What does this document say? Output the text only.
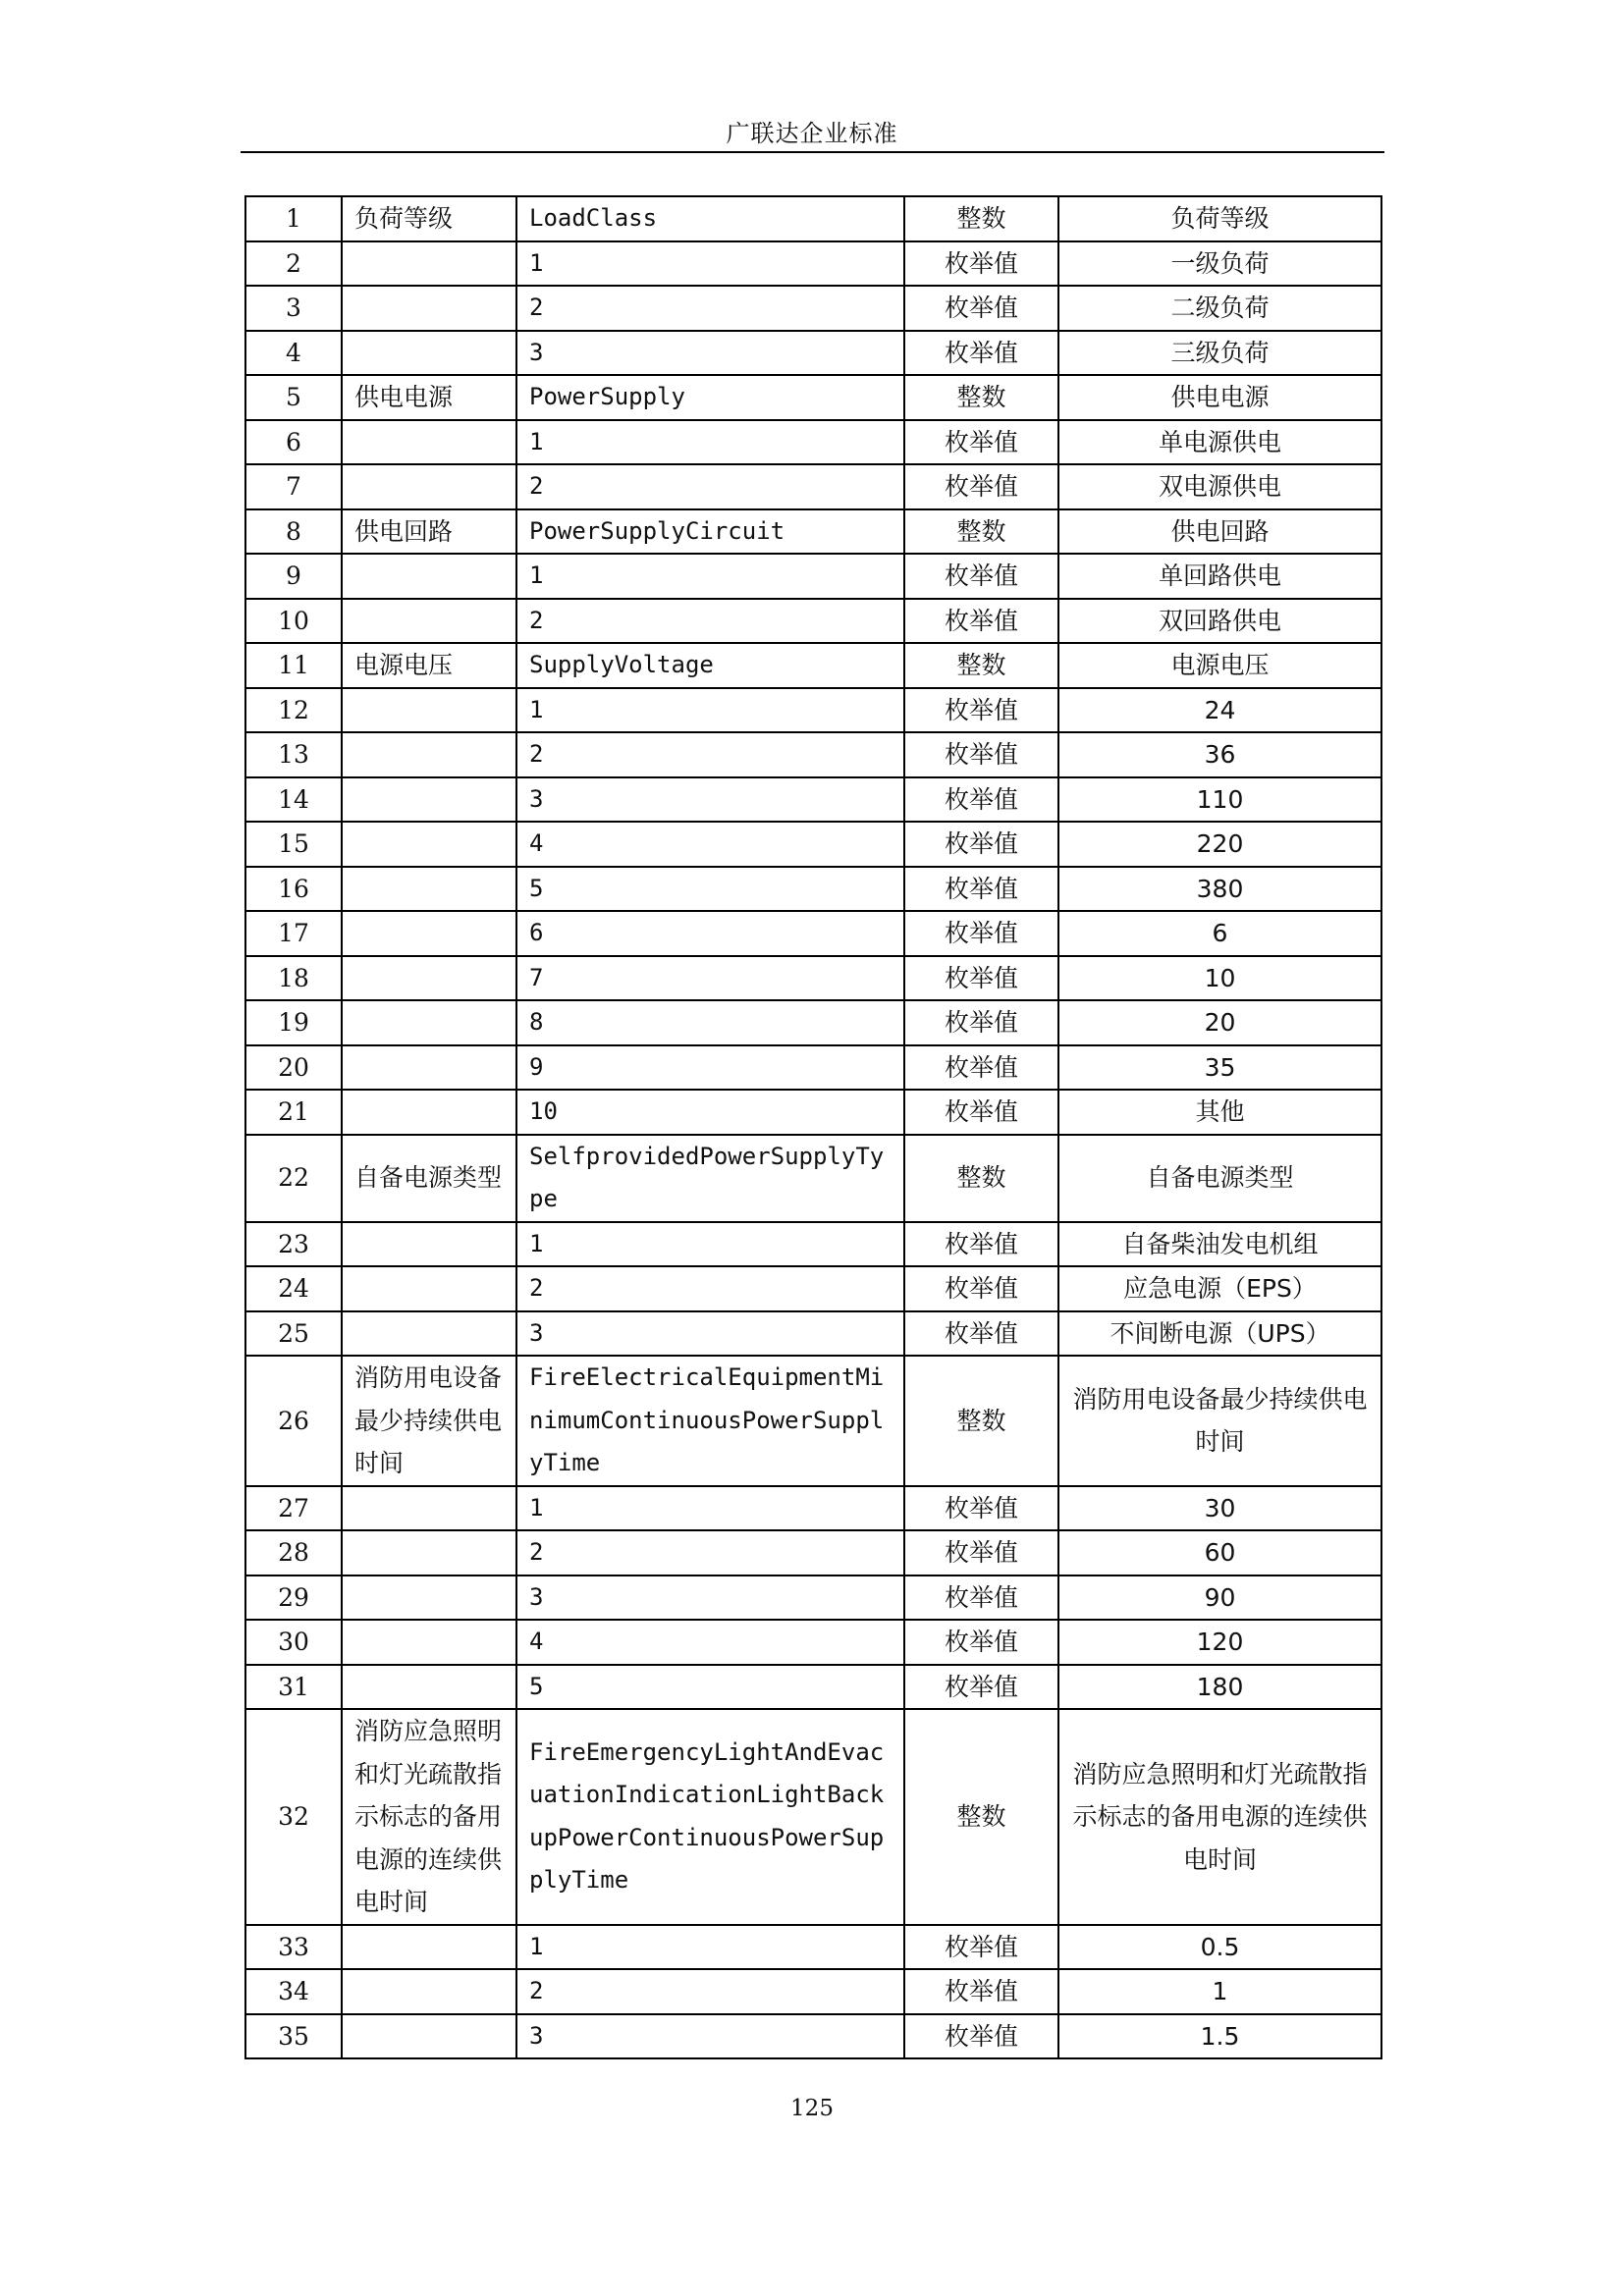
广联达企业标准
1	负荷等级	LoadClass	整数	负荷等级
2		1	枚举值	一级负荷
3		2	枚举值	二级负荷
4		3	枚举值	三级负荷
5	供电电源	PowerSupply	整数	供电电源
6		1	枚举值	单电源供电
7		2	枚举值	双电源供电
8	供电回路	PowerSupplyCircuit	整数	供电回路
9		1	枚举值	单回路供电
10		2	枚举值	双回路供电
11	电源电压	SupplyVoltage	整数	电源电压
12		1	枚举值	24
13		2	枚举值	36
14		3	枚举值	110
15		4	枚举值	220
16		5	枚举值	380
17		6	枚举值	6
18		7	枚举值	10
19		8	枚举值	20
20		9	枚举值	35
21		10	枚举值	其他
22	自备电源类型	SelfprovidedPowerSupplyType	整数	自备电源类型
23		1	枚举值	自备柴油发电机组
24		2	枚举值	应急电源（EPS）
25		3	枚举值	不间断电源（UPS）
26	消防用电设备最少持续供电时间	FireElectricalEquipmentMinimumContinuousPowerSupplyTime	整数	消防用电设备最少持续供电时间
27		1	枚举值	30
28		2	枚举值	60
29		3	枚举值	90
30		4	枚举值	120
31		5	枚举值	180
32	消防应急照明和灯光疏散指示标志的备用电源的连续供电时间	FireEmergencyLightAndEvacuationIndicationLightBackupPowerContinuousPowerSupplyTime	整数	消防应急照明和灯光疏散指示标志的备用电源的连续供电时间
33		1	枚举值	0.5
34		2	枚举值	1
35		3	枚举值	1.5
125
